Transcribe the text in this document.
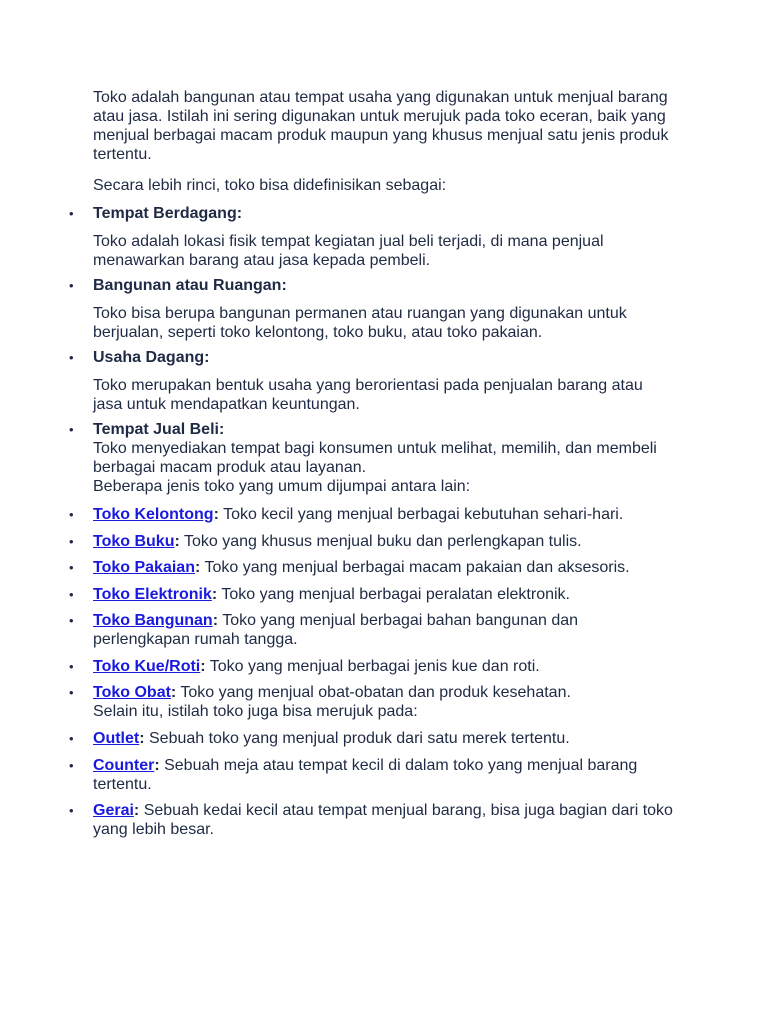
Toko adalah bangunan atau tempat usaha yang digunakan untuk menjual barang atau jasa. Istilah ini sering digunakan untuk merujuk pada toko eceran, baik yang menjual berbagai macam produk maupun yang khusus menjual satu jenis produk tertentu.

Secara lebih rinci, toko bisa didefinisikan sebagai:

• Tempat Berdagang:

Toko adalah lokasi fisik tempat kegiatan jual beli terjadi, di mana penjual menawarkan barang atau jasa kepada pembeli.

• Bangunan atau Ruangan:

Toko bisa berupa bangunan permanen atau ruangan yang digunakan untuk berjualan, seperti toko kelontong, toko buku, atau toko pakaian.

• Usaha Dagang:

Toko merupakan bentuk usaha yang berorientasi pada penjualan barang atau jasa untuk mendapatkan keuntungan.

• Tempat Jual Beli:

Toko menyediakan tempat bagi konsumen untuk melihat, memilih, dan membeli berbagai macam produk atau layanan.

Beberapa jenis toko yang umum dijumpai antara lain:

• Toko Kelontong: Toko kecil yang menjual berbagai kebutuhan sehari-hari.

• Toko Buku: Toko yang khusus menjual buku dan perlengkapan tulis.

• Toko Pakaian: Toko yang menjual berbagai macam pakaian dan aksesoris.

• Toko Elektronik: Toko yang menjual berbagai peralatan elektronik.

• Toko Bangunan: Toko yang menjual berbagai bahan bangunan dan perlengkapan rumah tangga.

• Toko Kue/Roti: Toko yang menjual berbagai jenis kue dan roti.

• Toko Obat: Toko yang menjual obat-obatan dan produk kesehatan.

Selain itu, istilah toko juga bisa merujuk pada:

• Outlet: Sebuah toko yang menjual produk dari satu merek tertentu.

• Counter: Sebuah meja atau tempat kecil di dalam toko yang menjual barang tertentu.

• Gerai: Sebuah kedai kecil atau tempat menjual barang, bisa juga bagian dari toko yang lebih besar.
